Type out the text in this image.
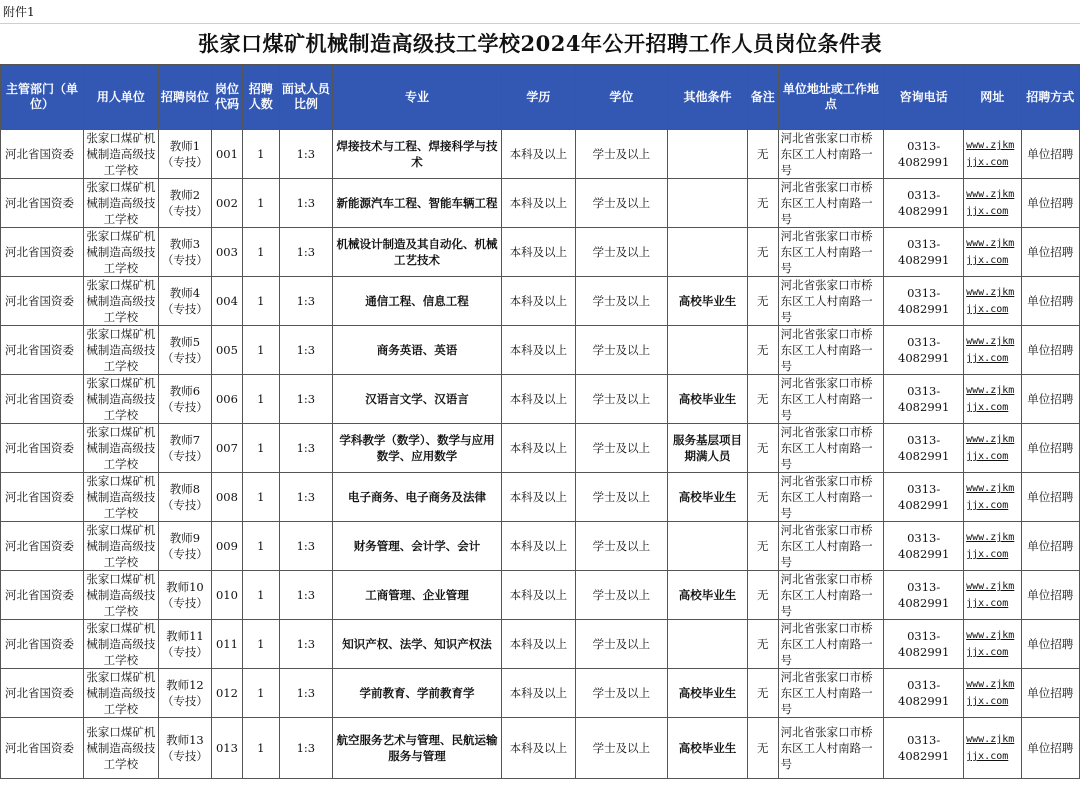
附件1
张家口煤矿机械制造高级技工学校2024年公开招聘工作人员岗位条件表
主管部门（单位）	用人单位	招聘岗位	岗位代码	招聘人数	面试人员比例	专业	学历	学位	其他条件	备注	单位地址或工作地点	咨询电话	网址	招聘方式
河北省国资委	张家口煤矿机械制造高级技工学校	教师1（专技）	001	1	1:3	焊接技术与工程、焊接科学与技术	本科及以上	学士及以上		无	河北省张家口市桥东区工人村南路一号	0313-4082991	www.zjkmjjx.com	单位招聘
河北省国资委	张家口煤矿机械制造高级技工学校	教师2（专技）	002	1	1:3	新能源汽车工程、智能车辆工程	本科及以上	学士及以上		无	河北省张家口市桥东区工人村南路一号	0313-4082991	www.zjkmjjx.com	单位招聘
河北省国资委	张家口煤矿机械制造高级技工学校	教师3（专技）	003	1	1:3	机械设计制造及其自动化、机械工艺技术	本科及以上	学士及以上		无	河北省张家口市桥东区工人村南路一号	0313-4082991	www.zjkmjjx.com	单位招聘
河北省国资委	张家口煤矿机械制造高级技工学校	教师4（专技）	004	1	1:3	通信工程、信息工程	本科及以上	学士及以上	高校毕业生	无	河北省张家口市桥东区工人村南路一号	0313-4082991	www.zjkmjjx.com	单位招聘
河北省国资委	张家口煤矿机械制造高级技工学校	教师5（专技）	005	1	1:3	商务英语、英语	本科及以上	学士及以上		无	河北省张家口市桥东区工人村南路一号	0313-4082991	www.zjkmjjx.com	单位招聘
河北省国资委	张家口煤矿机械制造高级技工学校	教师6（专技）	006	1	1:3	汉语言文学、汉语言	本科及以上	学士及以上	高校毕业生	无	河北省张家口市桥东区工人村南路一号	0313-4082991	www.zjkmjjx.com	单位招聘
河北省国资委	张家口煤矿机械制造高级技工学校	教师7（专技）	007	1	1:3	学科教学（数学）、数学与应用数学、应用数学	本科及以上	学士及以上	服务基层项目期满人员	无	河北省张家口市桥东区工人村南路一号	0313-4082991	www.zjkmjjx.com	单位招聘
河北省国资委	张家口煤矿机械制造高级技工学校	教师8（专技）	008	1	1:3	电子商务、电子商务及法律	本科及以上	学士及以上	高校毕业生	无	河北省张家口市桥东区工人村南路一号	0313-4082991	www.zjkmjjx.com	单位招聘
河北省国资委	张家口煤矿机械制造高级技工学校	教师9（专技）	009	1	1:3	财务管理、会计学、会计	本科及以上	学士及以上		无	河北省张家口市桥东区工人村南路一号	0313-4082991	www.zjkmjjx.com	单位招聘
河北省国资委	张家口煤矿机械制造高级技工学校	教师10（专技）	010	1	1:3	工商管理、企业管理	本科及以上	学士及以上	高校毕业生	无	河北省张家口市桥东区工人村南路一号	0313-4082991	www.zjkmjjx.com	单位招聘
河北省国资委	张家口煤矿机械制造高级技工学校	教师11（专技）	011	1	1:3	知识产权、法学、知识产权法	本科及以上	学士及以上		无	河北省张家口市桥东区工人村南路一号	0313-4082991	www.zjkmjjx.com	单位招聘
河北省国资委	张家口煤矿机械制造高级技工学校	教师12（专技）	012	1	1:3	学前教育、学前教育学	本科及以上	学士及以上	高校毕业生	无	河北省张家口市桥东区工人村南路一号	0313-4082991	www.zjkmjjx.com	单位招聘
河北省国资委	张家口煤矿机械制造高级技工学校	教师13（专技）	013	1	1:3	航空服务艺术与管理、民航运输服务与管理	本科及以上	学士及以上	高校毕业生	无	河北省张家口市桥东区工人村南路一号	0313-4082991	www.zjkmjjx.com	单位招聘
